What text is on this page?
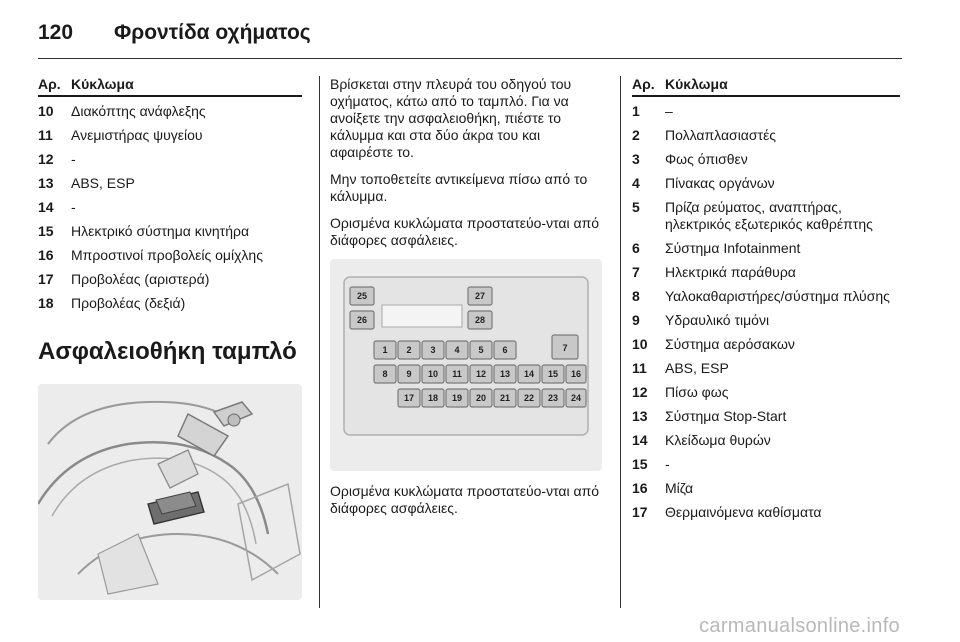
120	Φροντίδα οχήματος
Αρ. Κύκλωμα
10	Διακόπτης ανάφλεξης
11	Ανεμιστήρας ψυγείου
12	-
13	ABS, ESP
14	-
15	Ηλεκτρικό σύστημα κινητήρα
16	Μπροστινοί προβολείς ομίχλης
17	Προβολέας (αριστερά)
18	Προβολέας (δεξιά)
Ασφαλειοθήκη ταμπλό

Βρίσκεται στην πλευρά του οδηγού του οχήματος, κάτω από το ταμπλό. Για να ανοίξετε την ασφαλειοθήκη, πιέστε το κάλυμμα και στα δύο άκρα του και αφαιρέστε το.

Μην τοποθετείτε αντικείμενα πίσω από το κάλυμμα.

Ορισμένα κυκλώματα προστατεύο-νται από διάφορες ασφάλειες.

25
26
27
28
1 2 3 4 5 6	7
8 9 10 11 12 13 14 15 16
17 18 19 20 21 22 23 24

Ορισμένα κυκλώματα προστατεύο-νται από διάφορες ασφάλειες.

Αρ. Κύκλωμα
1	–
2	Πολλαπλασιαστές
3	Φως όπισθεν
4	Πίνακας οργάνων
5	Πρίζα ρεύματος, αναπτήρας, ηλεκτρικός εξωτερικός καθρέπτης
6	Σύστημα Infotainment
7	Ηλεκτρικά παράθυρα
8	Υαλοκαθαριστήρες/σύστημα πλύσης
9	Υδραυλικό τιμόνι
10	Σύστημα αερόσακων
11	ABS, ESP
12	Πίσω φως
13	Σύστημα Stop-Start
14	Κλείδωμα θυρών
15	-
16	Μίζα
17	Θερμαινόμενα καθίσματα
carmanualsonline.info
